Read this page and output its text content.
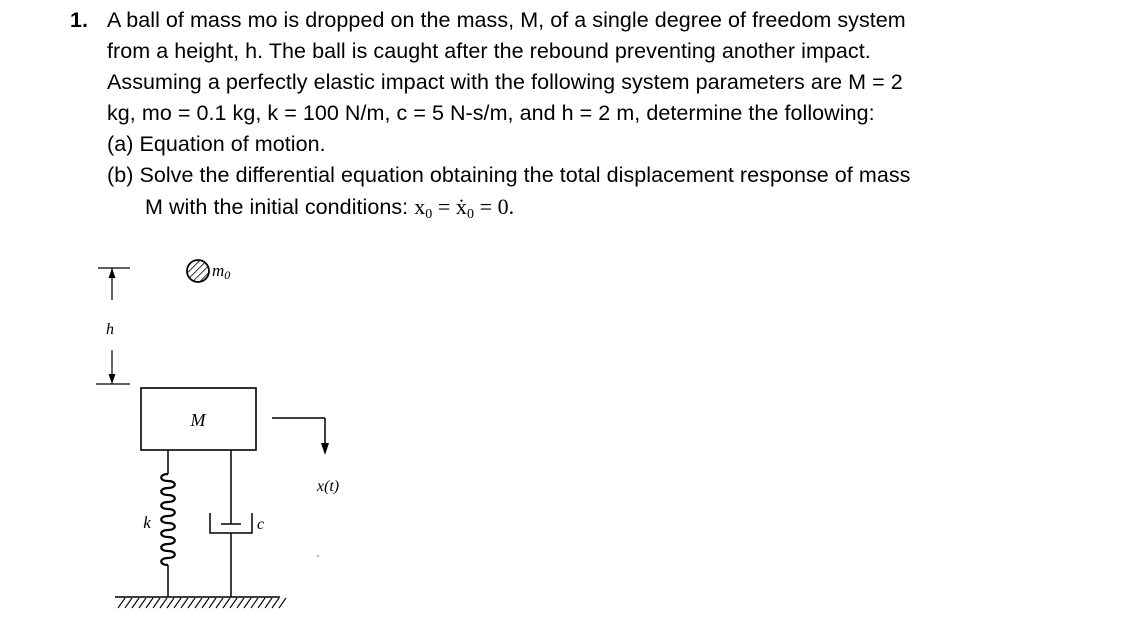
1. A ball of mass mo is dropped on the mass, M, of a single degree of freedom system
from a height, h. The ball is caught after the rebound preventing another impact.
Assuming a perfectly elastic impact with the following system parameters are M = 2
kg, mo = 0.1 kg, k = 100 N/m, c = 5 N-s/m, and h = 2 m, determine the following:
(a) Equation of motion.
(b) Solve the differential equation obtaining the total displacement response of mass
M with the initial conditions: $x_0$ = ẋ$_0$ = 0.
h
m0
M
k	c
x(t)
